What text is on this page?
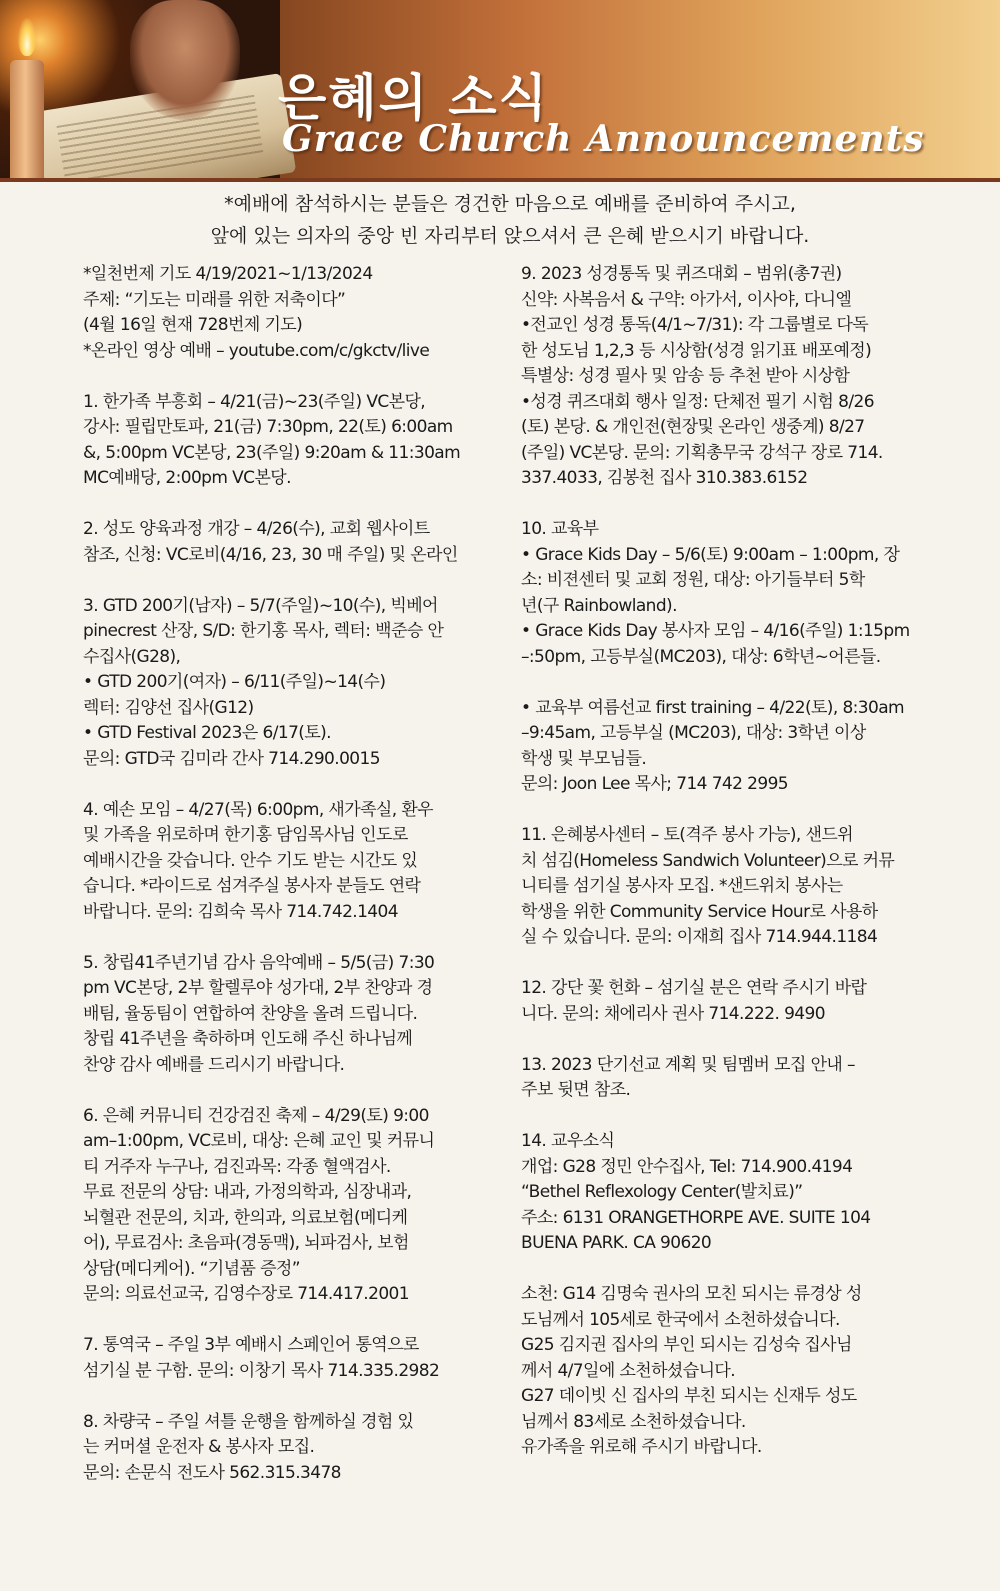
은혜의 소식
Grace Church Announcements
*예배에 참석하시는 분들은 경건한 마음으로 예배를 준비하여 주시고,
앞에 있는 의자의 중앙 빈 자리부터 앉으셔서 큰 은혜 받으시기 바랍니다.
*일천번제 기도 4/19/2021~1/13/2024
주제: “기도는 미래를 위한 저축이다”
(4월 16일 현재 728번제 기도)
*온라인 영상 예배 – youtube.com/c/gkctv/live
1. 한가족 부흥회 – 4/21(금)~23(주일) VC본당,
강사: 필립만토파, 21(금) 7:30pm, 22(토) 6:00am
&, 5:00pm VC본당, 23(주일) 9:20am & 11:30am
MC예배당, 2:00pm VC본당.
2. 성도 양육과정 개강 – 4/26(수), 교회 웹사이트
참조, 신청: VC로비(4/16, 23, 30 매 주일) 및 온라인
3. GTD 200기(남자) – 5/7(주일)~10(수), 빅베어
pinecrest 산장, S/D: 한기홍 목사, 렉터: 백준승 안
수집사(G28),
• GTD 200기(여자) – 6/11(주일)~14(수)
렉터: 김양선 집사(G12)
• GTD Festival 2023은 6/17(토).
문의: GTD국 김미라 간사 714.290.0015
4. 예손 모임 – 4/27(목) 6:00pm, 새가족실, 환우
및 가족을 위로하며 한기홍 담임목사님 인도로
예배시간을 갖습니다. 안수 기도 받는 시간도 있
습니다. *라이드로 섬겨주실 봉사자 분들도 연락
바랍니다. 문의: 김희숙 목사 714.742.1404
5. 창립41주년기념 감사 음악예배 – 5/5(금) 7:30
pm VC본당, 2부 할렐루야 성가대, 2부 찬양과 경
배팀, 율동팀이 연합하여 찬양을 올려 드립니다.
창립 41주년을 축하하며 인도해 주신 하나님께
찬양 감사 예배를 드리시기 바랍니다.
6. 은혜 커뮤니티 건강검진 축제 – 4/29(토) 9:00
am–1:00pm, VC로비, 대상: 은혜 교인 및 커뮤니
티 거주자 누구나, 검진과목: 각종 혈액검사.
무료 전문의 상담: 내과, 가정의학과, 심장내과,
뇌혈관 전문의, 치과, 한의과, 의료보험(메디케
어), 무료검사: 초음파(경동맥), 뇌파검사, 보험
상담(메디케어). “기념품 증정”
문의: 의료선교국, 김영수장로 714.417.2001
7. 통역국 – 주일 3부 예배시 스페인어 통역으로
섬기실 분 구함. 문의: 이창기 목사 714.335.2982
8. 차량국 – 주일 셔틀 운행을 함께하실 경험 있
는 커머셜 운전자 & 봉사자 모집.
문의: 손문식 전도사 562.315.3478
9. 2023 성경통독 및 퀴즈대회 – 범위(총7권)
신약: 사복음서 & 구약: 아가서, 이사야, 다니엘
•전교인 성경 통독(4/1~7/31): 각 그룹별로 다독
한 성도님 1,2,3 등 시상함(성경 읽기표 배포예정)
특별상: 성경 필사 및 암송 등 추천 받아 시상함
•성경 퀴즈대회 행사 일정: 단체전 필기 시험 8/26
(토) 본당. & 개인전(현장및 온라인 생중계) 8/27
(주일) VC본당. 문의: 기획총무국 강석구 장로 714.
337.4033, 김봉천 집사 310.383.6152
10. 교육부
• Grace Kids Day – 5/6(토) 9:00am – 1:00pm, 장
소: 비젼센터 및 교회 정원, 대상: 아기들부터 5학
년(구 Rainbowland).
• Grace Kids Day 봉사자 모임 – 4/16(주일) 1:15pm
–:50pm, 고등부실(MC203), 대상: 6학년~어른들.
• 교육부 여름선교 first training – 4/22(토), 8:30am
–9:45am, 고등부실 (MC203), 대상: 3학년 이상
학생 및 부모님들.
문의: Joon Lee 목사; 714 742 2995
11. 은혜봉사센터 – 토(격주 봉사 가능), 샌드위
치 섬김(Homeless Sandwich Volunteer)으로 커뮤
니티를 섬기실 봉사자 모집. *샌드위치 봉사는
학생을 위한 Community Service Hour로 사용하
실 수 있습니다. 문의: 이재희 집사 714.944.1184
12. 강단 꽃 헌화 – 섬기실 분은 연락 주시기 바랍
니다. 문의: 채에리사 권사 714.222. 9490
13. 2023 단기선교 계획 및 팀멤버 모집 안내 –
주보 뒷면 참조.
14. 교우소식
개업: G28 정민 안수집사, Tel: 714.900.4194
“Bethel Reflexology Center(발치료)”
주소: 6131 ORANGETHORPE AVE. SUITE 104
BUENA PARK. CA 90620
소천: G14 김명숙 권사의 모친 되시는 류경상 성
도님께서 105세로 한국에서 소천하셨습니다.
G25 김지권 집사의 부인 되시는 김성숙 집사님
께서 4/7일에 소천하셨습니다.
G27 데이빗 신 집사의 부친 되시는 신재두 성도
님께서 83세로 소천하셨습니다.
유가족을 위로해 주시기 바랍니다.
